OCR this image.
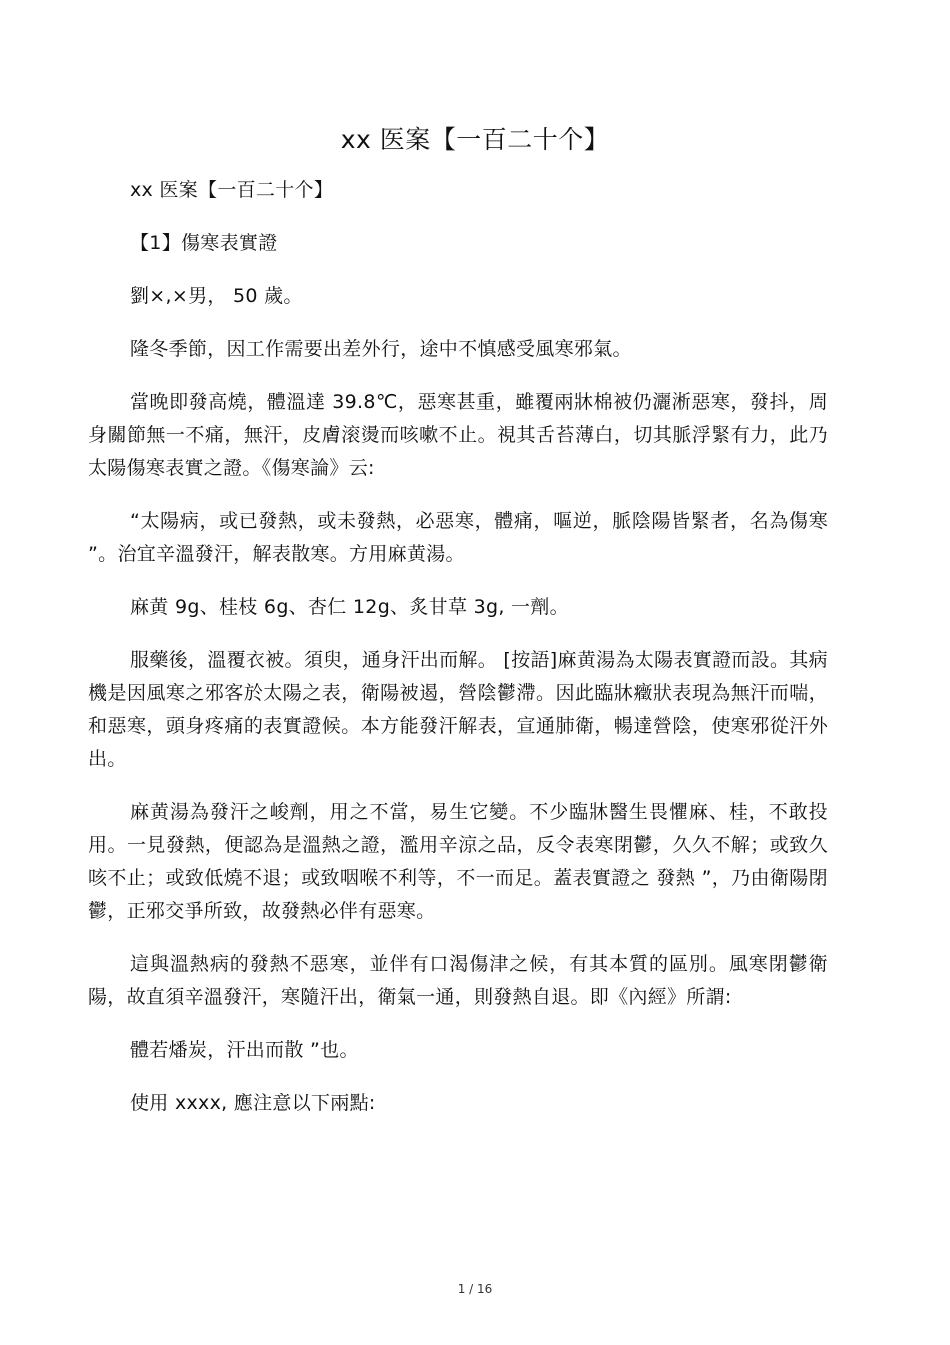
xx 医案【一百二十个】

xx 医案【一百二十个】

【1】傷寒表實證

劉×,×男， 50 歲。

隆冬季節，因工作需要出差外行，途中不慎感受風寒邪氣。

當晚即發高燒，體溫達 39.8℃，惡寒甚重，雖覆兩牀棉被仍灑淅惡寒，發抖，周身關節無一不痛，無汗，皮膚滚燙而咳嗽不止。視其舌苔薄白，切其脈浮緊有力，此乃太陽傷寒表實之證。《傷寒論》云:

“太陽病，或已發熱，或未發熱，必惡寒，體痛，嘔逆，脈陰陽皆緊者，名為傷寒 ”。治宜辛溫發汗，解表散寒。方用麻黄湯。

麻黄 9g、桂枝 6g、杏仁 12g、炙甘草 3g, 一劑。

服藥後，溫覆衣被。須臾，通身汗出而解。 [按語]麻黄湯為太陽表實證而設。其病機是因風寒之邪客於太陽之表，衛陽被遏，營陰鬱滯。因此臨牀癥狀表現為無汗而喘，和惡寒，頭身疼痛的表實證候。本方能發汗解表，宣通肺衛，暢達營陰，使寒邪從汗外出。

麻黄湯為發汗之峻劑，用之不當，易生它變。不少臨牀醫生畏懼麻、桂，不敢投用。一見發熱，便認為是溫熱之證，濫用辛涼之品，反令表寒閉鬱，久久不解；或致久咳不止；或致低燒不退；或致咽喉不利等，不一而足。蓋表實證之 發熱 ”，乃由衛陽閉鬱，正邪交爭所致，故發熱必伴有惡寒。

這與溫熱病的發熱不惡寒，並伴有口渴傷津之候，有其本質的區別。風寒閉鬱衛陽，故直須辛溫發汗，寒隨汗出，衛氣一通，則發熱自退。即《內經》所謂:

體若燔炭，汗出而散 ”也。

使用 xxxx, 應注意以下兩點:

1 / 16
